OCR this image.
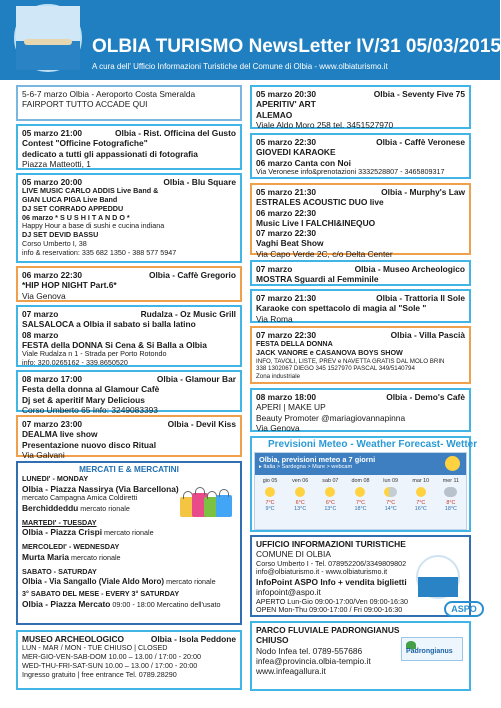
OLBIA TURISMO NewsLetter IV/31 05/03/2015
A cura dell' Ufficio Informazioni Turistiche del Comune di Olbia - www.olbiaturismo.it
5-6-7 marzo Olbia - Aeroporto Costa Smeralda
FAIRPORT TUTTO ACCADE QUI
05 marzo 21:00	Olbia - Rist. Officina del Gusto
Contest "Officine Fotografiche"
dedicato a tutti gli appassionati di fotografia
Piazza Matteotti, 1
05 marzo 20:00	Olbia - Blu Square
LIVE MUSIC CARLO ADDIS Live Band &
GIAN LUCA PIGA Live Band
DJ SET CORRADO APPEDDU
06 marzo * S U S H I T A N D O *
Happy Hour a base di sushi e cucina indiana
DJ SET DEVID BASSU
Corso Umberto I, 38
info & reservation: 335 682 1350 - 388 577 5947
06 marzo 22:30	Olbia - Caffè Gregorio
*HIP HOP NIGHT Part.6*
Via Genova
07 marzo	Rudalza - Oz Music Grill
SALSALOCA a Olbia il sabato si balla latino
08 marzo
FESTA della DONNA Si Cena & Si Balla a Olbia
Viale Rudalza n 1 - Strada per Porto Rotondo
info: 320.0265162 - 339.8650520
08 marzo 17:00	Olbia - Glamour Bar
Festa della donna al Glamour Cafè
Dj set & aperitif Mary Delicious
Corso Umberto 65 Info: 3249083393
07 marzo 23:00	Olbia - Devil Kiss
DEALMA live show
Presentazione nuovo disco Ritual
Via Galvani
MERCATI E & MERCATINI
LUNEDI' - MONDAY
Olbia - Piazza Nassirya (Via Barcellona)
mercato Campagna Amica Coldiretti
Berchiddeddu mercato rionale
MARTEDI' - TUESDAY
Olbia - Piazza Crispi mercato rionale
MERCOLEDI' - WEDNESDAY
Murta Maria mercato rionale
SABATO - SATURDAY
Olbia - Via Sangallo (Viale Aldo Moro) mercato rionale
3° SABATO DEL MESE - EVERY 3° SATURDAY
Olbia - Piazza Mercato 09:00 - 18:00 Mercatino dell'usato
MUSEO ARCHEOLOGICO	Olbia - Isola Peddone
LUN - MAR / MON - TUE CHIUSO | CLOSED
MER-GIO-VEN-SAB-DOM 10.00 – 13.00 / 17:00 - 20:00
WED-THU-FRI-SAT-SUN 10.00 – 13.00 / 17:00 - 20:00
Ingresso gratuito | free entrance Tel. 0789.28290
05 marzo 20:30	Olbia - Seventy Five 75
APERITIV' ART
ALEMAO
Viale Aldo Moro 258 tel. 3451527970
05 marzo 22:30	Olbia - Caffè Veronese
GIOVEDI KARAOKE
06 marzo Canta con Noi
Via Veronese info&prenotazioni 3332528807 - 3465809317
05 marzo 21:30	Olbia - Murphy's Law
ESTRALES ACOUSTIC DUO live
06 marzo 22:30
Music Live I FALCHI&INEQUO
07 marzo 22:30
Vaghi Beat Show
Via Capo Verde 2C, c/o Delta Center
07 marzo	Olbia - Museo Archeologico
MOSTRA Sguardi al Femminile
07 marzo 21:30	Olbia - Trattoria Il Sole
Karaoke con spettacolo di magia al "Sole "
Via Roma
07 marzo 22:30	Olbia - Villa Pascià
FESTA DELLA DONNA
JACK VANORE e CASANOVA BOYS SHOW
INFO, TAVOLI, LISTE, PREV e NAVETTA GRATIS DAL MOLO BRIN
338 1302067 DIEGO 345 1527970 PASCAL 349/5140794
Zona industriale
08 marzo 18:00	Olbia - Demo's Cafè
APERI | MAKE UP
Beauty Promoter @mariagiovannapinna
Via Genova
Previsioni Meteo - Weather Forecast- Wetter
Olbia, previsioni meteo a 7 giorni
▸ Italia > Sardegna > Mare > webcam
gio 05
7°C
9°C
ven 06
6°C
13°C
sab 07
6°C
13°C
dom 08
7°C
18°C
lun 09
7°C
14°C
mar 10
7°C
16°C
mer 11
8°C
18°C
UFFICIO INFORMAZIONI TURISTICHE
COMUNE DI OLBIA
Corso Umberto I - Tel. 078952206/3349809802
info@olbiaturismo.it - www.olbiaturismo.it
InfoPoint ASPO Info + vendita biglietti
infopoint@aspo.it
APERTO Lun-Gio 09:00-17:00/Ven 09:00-16:30
OPEN Mon-Thu 09:00-17:00 / Fri 09:00-16:30	ASPO
PARCO FLUVIALE PADRONGIANUS
CHIUSO
Nodo Infea tel. 0789-557686
infea@provincia.olbia-tempio.it
www.infeagallura.it
Padrongianus
